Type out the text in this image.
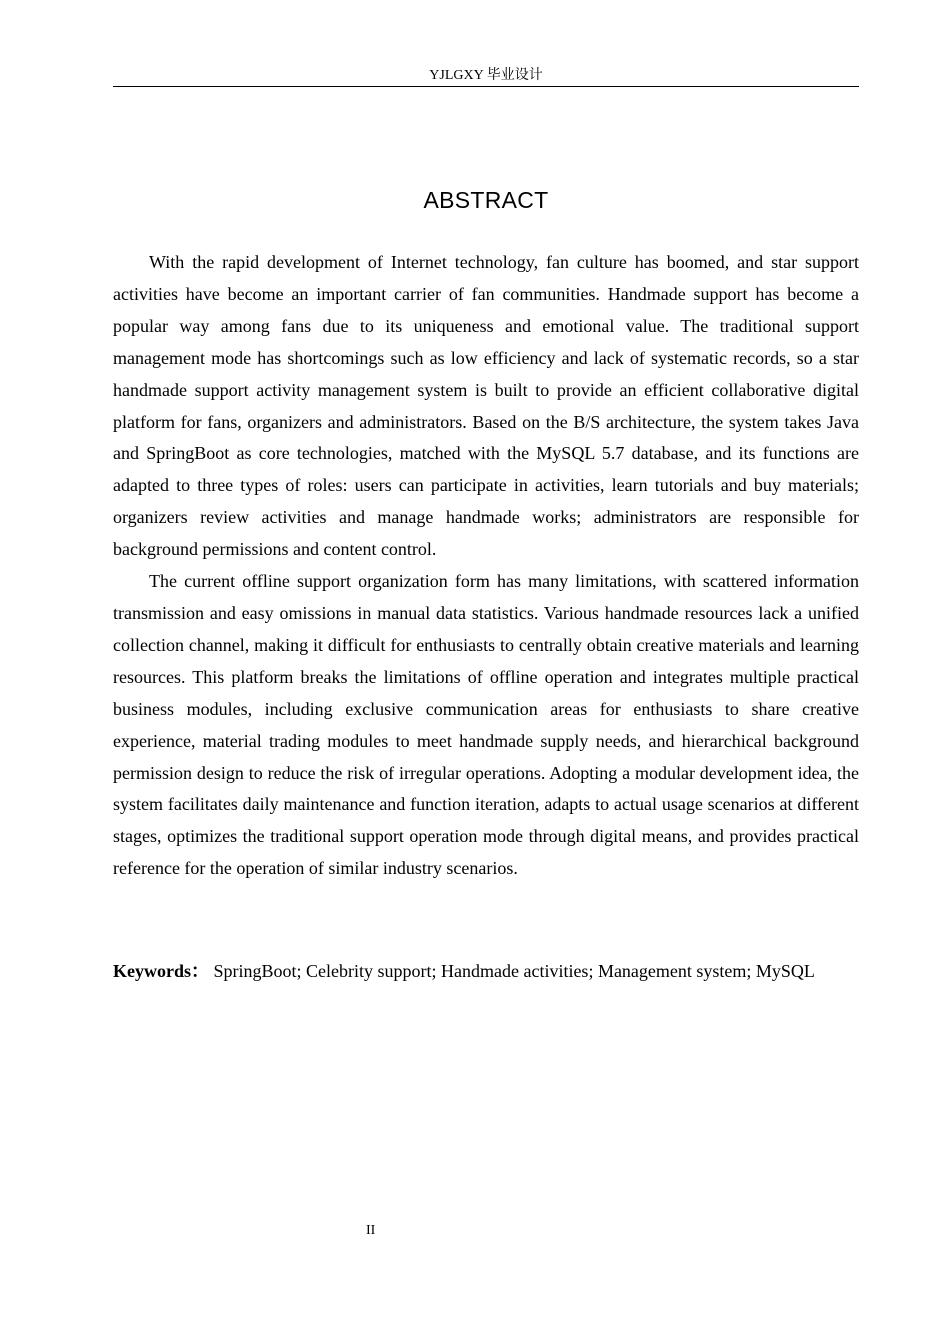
YJLGXY 毕业设计
ABSTRACT

With the rapid development of Internet technology, fan culture has boomed, and star support activities have become an important carrier of fan communities. Handmade support has become a popular way among fans due to its uniqueness and emotional value. The traditional support management mode has shortcomings such as low efficiency and lack of systematic records, so a star handmade support activity management system is built to provide an efficient collaborative digital platform for fans, organizers and administrators. Based on the B/S architecture, the system takes Java and SpringBoot as core technologies, matched with the MySQL 5.7 database, and its functions are adapted to three types of roles: users can participate in activities, learn tutorials and buy materials; organizers review activities and manage handmade works; administrators are responsible for background permissions and content control.

The current offline support organization form has many limitations, with scattered information transmission and easy omissions in manual data statistics. Various handmade resources lack a unified collection channel, making it difficult for enthusiasts to centrally obtain creative materials and learning resources. This platform breaks the limitations of offline operation and integrates multiple practical business modules, including exclusive communication areas for enthusiasts to share creative experience, material trading modules to meet handmade supply needs, and hierarchical background permission design to reduce the risk of irregular operations. Adopting a modular development idea, the system facilitates daily maintenance and function iteration, adapts to actual usage scenarios at different stages, optimizes the traditional support operation mode through digital means, and provides practical reference for the operation of similar industry scenarios.

Keywords： SpringBoot; Celebrity support; Handmade activities; Management system; MySQL
II
